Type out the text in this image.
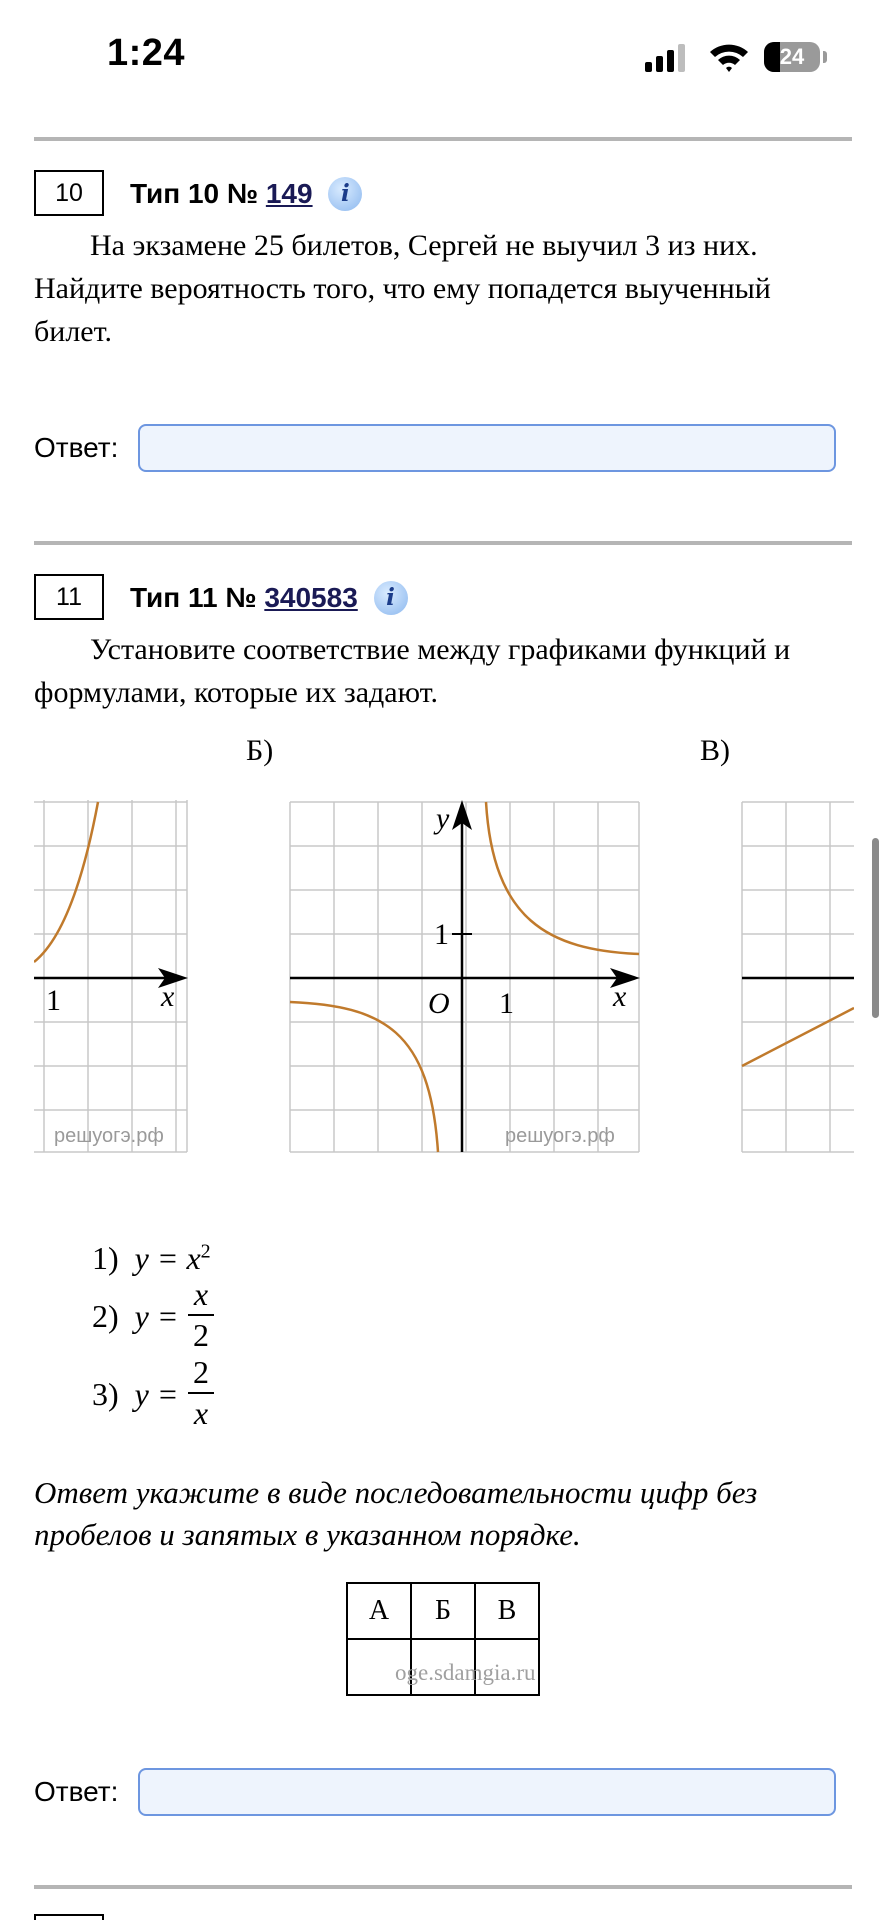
1:24	24
10	Тип 10 № 149 i
На экзамене 25 билетов, Сергей не выучил 3 из них. Найдите вероятность того, что ему попадется выученный билет.
Ответ:
11	Тип 11 № 340583 i
Установите соответствие между графиками функций и формулами, которые их задают.
Б)	В)
1	x
решуогэ.рф
y
1
O 1	x
решуогэ.рф
1) $y = x^2$
2) y =
x
2
3) y =
2
x
Ответ укажите в виде последовательности цифр без пробелов и запятых в указанном порядке.
А	Б	В

oge.sdamgia.ru
Ответ:
